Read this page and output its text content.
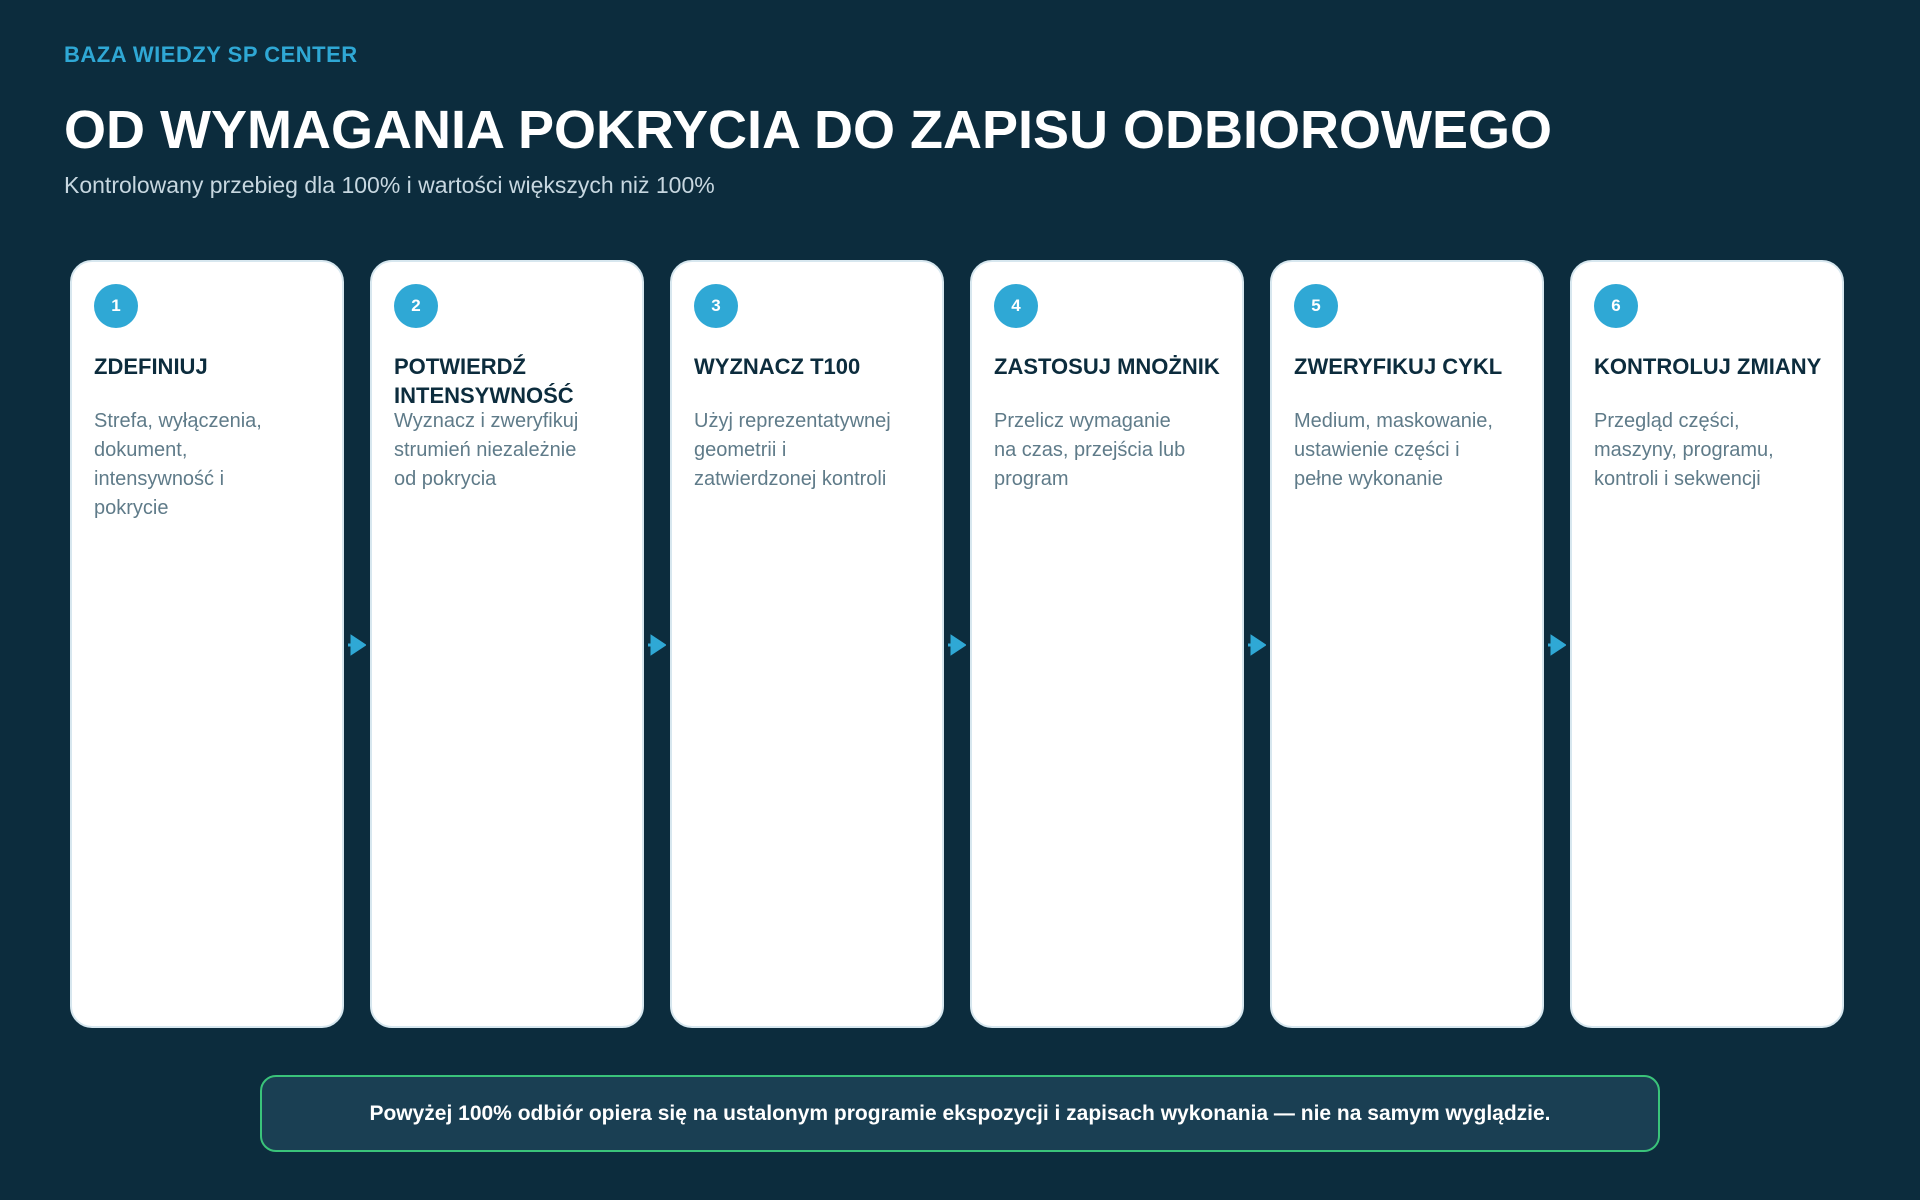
BAZA WIEDZY SP CENTER
OD WYMAGANIA POKRYCIA DO ZAPISU ODBIOROWEGO
Kontrolowany przebieg dla 100% i wartości większych niż 100%
1
ZDEFINIUJ
Strefa, wyłączenia, dokument, intensywność i pokrycie
2
POTWIERDŹ INTENSYWNOŚĆ
Wyznacz i zweryfikuj strumień niezależnie od pokrycia
3
WYZNACZ T100
Użyj reprezentatywnej geometrii i zatwierdzonej kontroli
4
ZASTOSUJ MNOŻNIK
Przelicz wymaganie na czas, przejścia lub program
5
ZWERYFIKUJ CYKL
Medium, maskowanie, ustawienie części i pełne wykonanie
6
KONTROLUJ ZMIANY
Przegląd części, maszyny, programu, kontroli i sekwencji
Powyżej 100% odbiór opiera się na ustalonym programie ekspozycji i zapisach wykonania — nie na samym wyglądzie.
